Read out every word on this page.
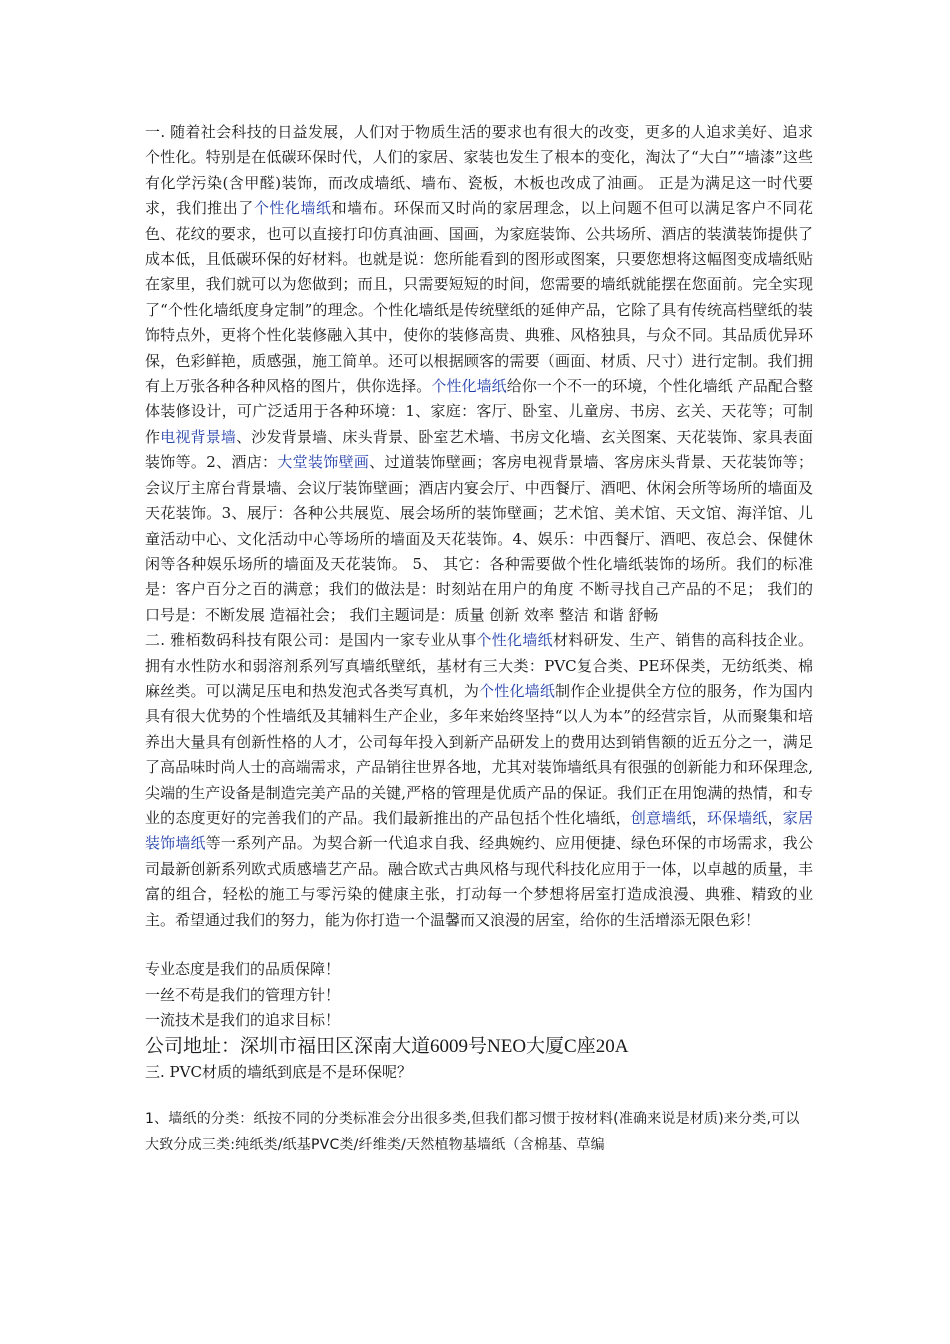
一. 随着社会科技的日益发展，人们对于物质生活的要求也有很大的改变，更多的人追求美好、追求个性化。特别是在低碳环保时代，人们的家居、家装也发生了根本的变化，淘汰了“大白”“墙漆”这些有化学污染(含甲醛)装饰，而改成墙纸、墙布、瓷板，木板也改成了油画。 正是为满足这一时代要求，我们推出了个性化墙纸和墙布。环保而又时尚的家居理念，以上问题不但可以满足客户不同花色、花纹的要求，也可以直接打印仿真油画、国画，为家庭装饰、公共场所、酒店的装潢装饰提供了成本低，且低碳环保的好材料。也就是说：您所能看到的图形或图案，只要您想将这幅图变成墙纸贴在家里，我们就可以为您做到；而且，只需要短短的时间，您需要的墙纸就能摆在您面前。完全实现了“个性化墙纸度身定制”的理念。个性化墙纸是传统壁纸的延伸产品，它除了具有传统高档壁纸的装饰特点外，更将个性化装修融入其中，使你的装修高贵、典雅、风格独具，与众不同。其品质优异环保，色彩鲜艳，质感强，施工简单。还可以根据顾客的需要（画面、材质、尺寸）进行定制。我们拥有上万张各种各种风格的图片，供你选择。个性化墙纸给你一个不一的环境，个性化墙纸 产品配合整体装修设计，可广泛适用于各种环境：1、家庭：客厅、卧室、儿童房、书房、玄关、天花等；可制作电视背景墙、沙发背景墙、床头背景、卧室艺术墙、书房文化墙、玄关图案、天花装饰、家具表面装饰等。2、酒店：大堂装饰壁画、过道装饰壁画；客房电视背景墙、客房床头背景、天花装饰等；会议厅主席台背景墙、会议厅装饰壁画；酒店内宴会厅、中西餐厅、酒吧、休闲会所等场所的墙面及天花装饰。3、展厅：各种公共展览、展会场所的装饰壁画；艺术馆、美术馆、天文馆、海洋馆、儿童活动中心、文化活动中心等场所的墙面及天花装饰。4、娱乐：中西餐厅、酒吧、夜总会、保健休闲等各种娱乐场所的墙面及天花装饰。 5、 其它：各种需要做个性化墙纸装饰的场所。我们的标准是：客户百分之百的满意；我们的做法是：时刻站在用户的角度 不断寻找自己产品的不足； 我们的口号是：不断发展 造福社会； 我们主题词是：质量 创新 效率 整洁 和谐 舒畅

二. 雅栢数码科技有限公司：是国内一家专业从事个性化墙纸材料研发、生产、销售的高科技企业。拥有水性防水和弱溶剂系列写真墙纸壁纸，基材有三大类：PVC复合类、PE环保类，无纺纸类、棉麻丝类。可以满足压电和热发泡式各类写真机，为个性化墙纸制作企业提供全方位的服务，作为国内具有很大优势的个性墙纸及其辅料生产企业，多年来始终坚持“以人为本”的经营宗旨，从而聚集和培养出大量具有创新性格的人才，公司每年投入到新产品研发上的费用达到销售额的近五分之一，满足了高品味时尚人士的高端需求，产品销往世界各地，尤其对装饰墙纸具有很强的创新能力和环保理念,尖端的生产设备是制造完美产品的关键,严格的管理是优质产品的保证。我们正在用饱满的热情，和专业的态度更好的完善我们的产品。我们最新推出的产品包括个性化墙纸，创意墙纸，环保墙纸，家居装饰墙纸等一系列产品。为契合新一代追求自我、经典婉约、应用便捷、绿色环保的市场需求，我公司最新创新系列欧式质感墙艺产品。融合欧式古典风格与现代科技化应用于一体，以卓越的质量，丰富的组合，轻松的施工与零污染的健康主张，打动每一个梦想将居室打造成浪漫、典雅、精致的业主。希望通过我们的努力，能为你打造一个温馨而又浪漫的居室，给你的生活增添无限色彩！

专业态度是我们的品质保障！

一丝不苟是我们的管理方针！

一流技术是我们的追求目标！

公司地址：深圳市福田区深南大道6009号NEO大厦C座20A

三. PVC材质的墙纸到底是不是环保呢？

1、墙纸的分类：纸按不同的分类标准会分出很多类,但我们都习惯于按材料(准确来说是材质)来分类,可以大致分成三类:纯纸类/纸基PVC类/纤维类/天然植物基墙纸（含棉基、草编
